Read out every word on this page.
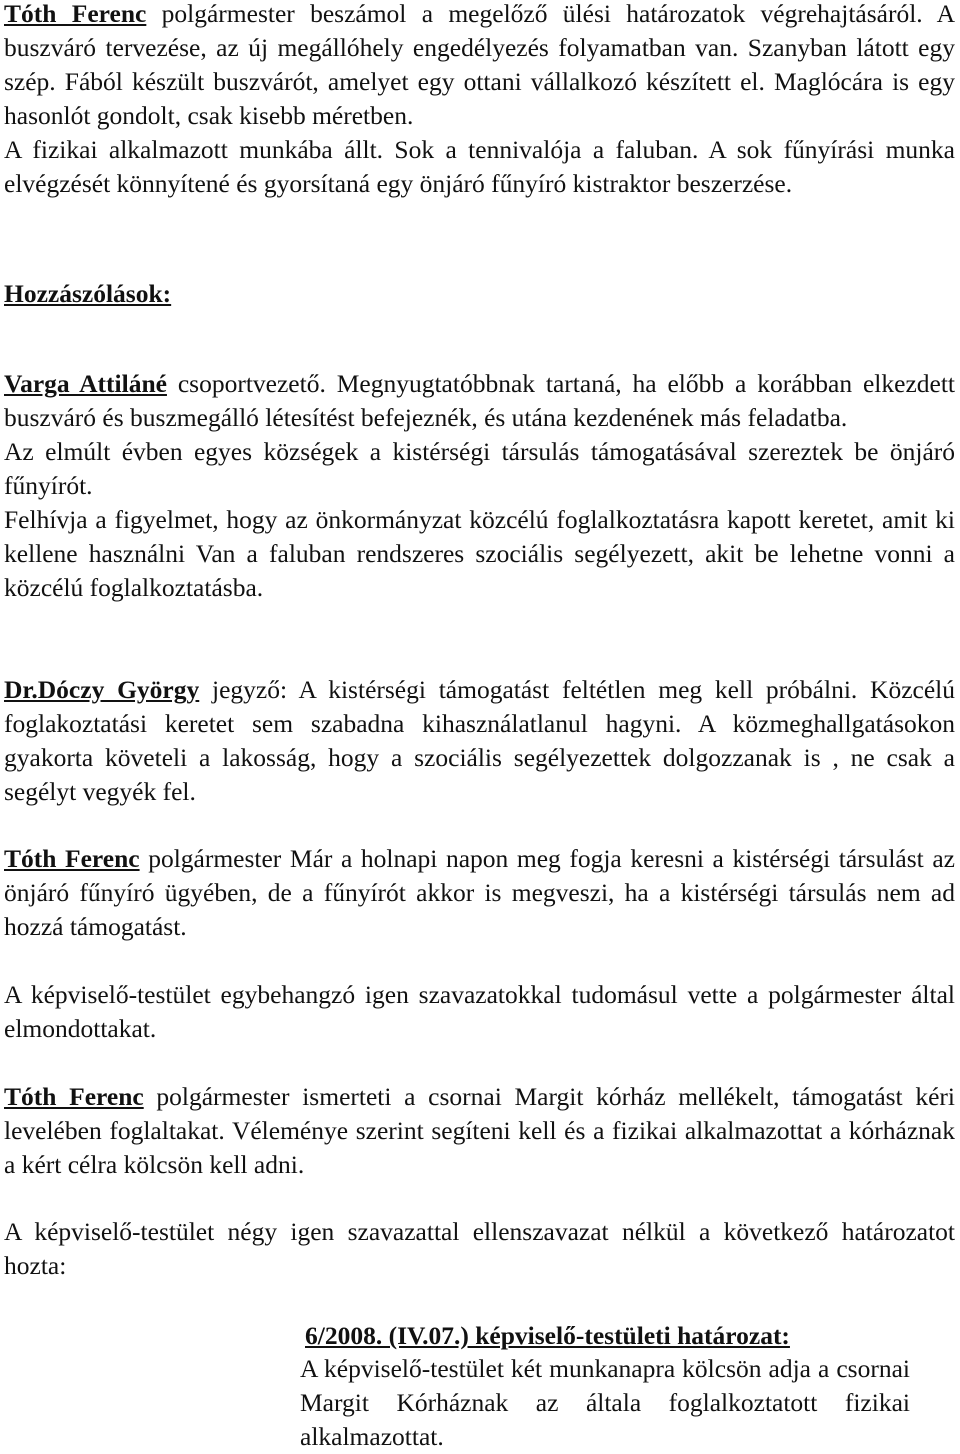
Tóth Ferenc polgármester beszámol a megelőző ülési határozatok végrehajtásáról. A buszváró tervezése, az új megállóhely engedélyezés folyamatban van. Szanyban látott egy szép. Fából készült buszvárót, amelyet egy ottani vállalkozó készített el. Maglócára is egy hasonlót gondolt, csak kisebb méretben.

A fizikai alkalmazott munkába állt. Sok a tennivalója a faluban. A sok fűnyírási munka elvégzését könnyítené és gyorsítaná egy önjáró fűnyíró kistraktor beszerzése.

Hozzászólások:

Varga Attiláné csoportvezető. Megnyugtatóbbnak tartaná, ha előbb a korábban elkezdett buszváró és buszmegálló létesítést befejeznék, és utána kezdenének más feladatba.

Az elmúlt évben egyes községek a kistérségi társulás támogatásával szereztek be önjáró fűnyírót.

Felhívja a figyelmet, hogy az önkormányzat közcélú foglalkoztatásra kapott keretet, amit ki kellene használni Van a faluban rendszeres szociális segélyezett, akit be lehetne vonni a közcélú foglalkoztatásba.

Dr.Dóczy György jegyző: A kistérségi támogatást feltétlen meg kell próbálni. Közcélú foglakoztatási keretet sem szabadna kihasználatlanul hagyni. A közmeghallgatásokon gyakorta követeli a lakosság, hogy a szociális segélyezettek dolgozzanak is , ne csak a segélyt vegyék fel.

Tóth Ferenc polgármester Már a holnapi napon meg fogja keresni a kistérségi társulást az önjáró fűnyíró ügyében, de a fűnyírót akkor is megveszi, ha a kistérségi társulás nem ad hozzá támogatást.

A képviselő-testület egybehangzó igen szavazatokkal tudomásul vette a polgármester által elmondottakat.

Tóth Ferenc polgármester ismerteti a csornai Margit kórház mellékelt, támogatást kéri levelében foglaltakat. Véleménye szerint segíteni kell és a fizikai alkalmazottat a kórháznak a kért célra kölcsön kell adni.

A képviselő-testület négy igen szavazattal ellenszavazat nélkül a következő határozatot hozta:

6/2008. (IV.07.) képviselő-testületi határozat:
A képviselő-testület két munkanapra kölcsön adja a csornai Margit Kórháznak az általa foglalkoztatott fizikai alkalmazottat.
